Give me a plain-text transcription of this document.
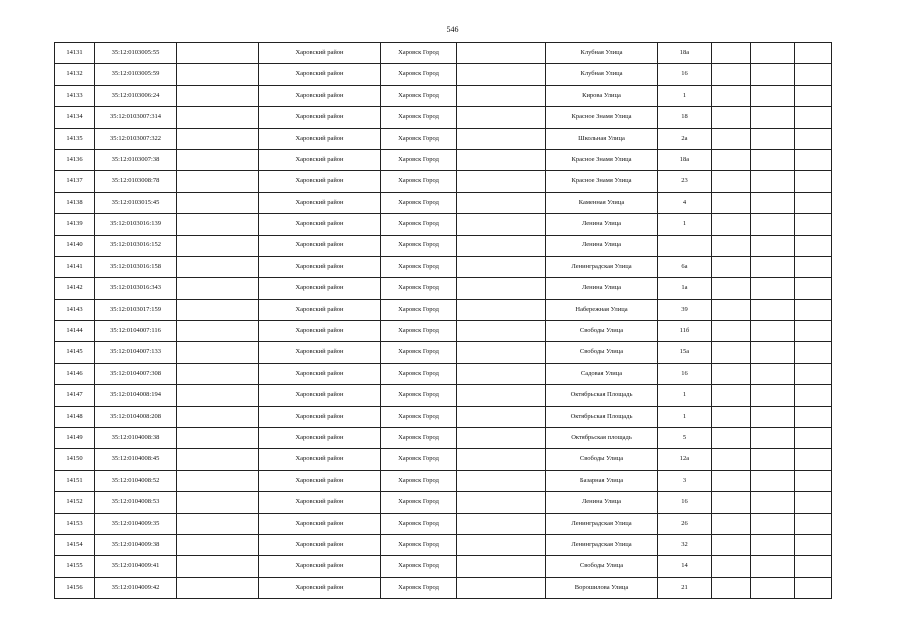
546
14131	35:12:0103005:55		Харовский район	Харовск Город		Клубная Улица	18а			
14132	35:12:0103005:59		Харовский район	Харовск Город		Клубная Улица	16			
14133	35:12:0103006:24		Харовский район	Харовск Город		Кирова Улица	1			
14134	35:12:0103007:314		Харовский район	Харовск Город		Красное Знамя Улица	18			
14135	35:12:0103007:322		Харовский район	Харовск Город		Школьная Улица	2а			
14136	35:12:0103007:38		Харовский район	Харовск Город		Красное Знамя Улица	18а			
14137	35:12:0103008:78		Харовский район	Харовск Город		Красное Знамя Улица	23			
14138	35:12:0103015:45		Харовский район	Харовск Город		Каменная Улица	4			
14139	35:12:0103016:139		Харовский район	Харовск Город		Ленина Улица	1			
14140	35:12:0103016:152		Харовский район	Харовск Город		Ленина Улица				
14141	35:12:0103016:158		Харовский район	Харовск Город		Ленинградская Улица	6а			
14142	35:12:0103016:343		Харовский район	Харовск Город		Ленина Улица	1а			
14143	35:12:0103017:159		Харовский район	Харовск Город		Набережная Улица	39			
14144	35:12:0104007:116		Харовский район	Харовск Город		Свободы Улица	11б			
14145	35:12:0104007:133		Харовский район	Харовск Город		Свободы Улица	15а			
14146	35:12:0104007:308		Харовский район	Харовск Город		Садовая Улица	16			
14147	35:12:0104008:194		Харовский район	Харовск Город		Октябрьская Площадь	1			
14148	35:12:0104008:208		Харовский район	Харовск Город		Октябрьская Площадь	1			
14149	35:12:0104008:38		Харовский район	Харовск Город		Октябрьская площадь	5			
14150	35:12:0104008:45		Харовский район	Харовск Город		Свободы Улица	12а			
14151	35:12:0104008:52		Харовский район	Харовск Город		Базарная Улица	3			
14152	35:12:0104008:53		Харовский район	Харовск Город		Ленина Улица	16			
14153	35:12:0104009:35		Харовский район	Харовск Город		Ленинградская Улица	26			
14154	35:12:0104009:38		Харовский район	Харовск Город		Ленинградская Улица	32			
14155	35:12:0104009:41		Харовский район	Харовск Город		Свободы Улица	14			
14156	35:12:0104009:42		Харовский район	Харовск Город		Ворошилова Улица	21			
